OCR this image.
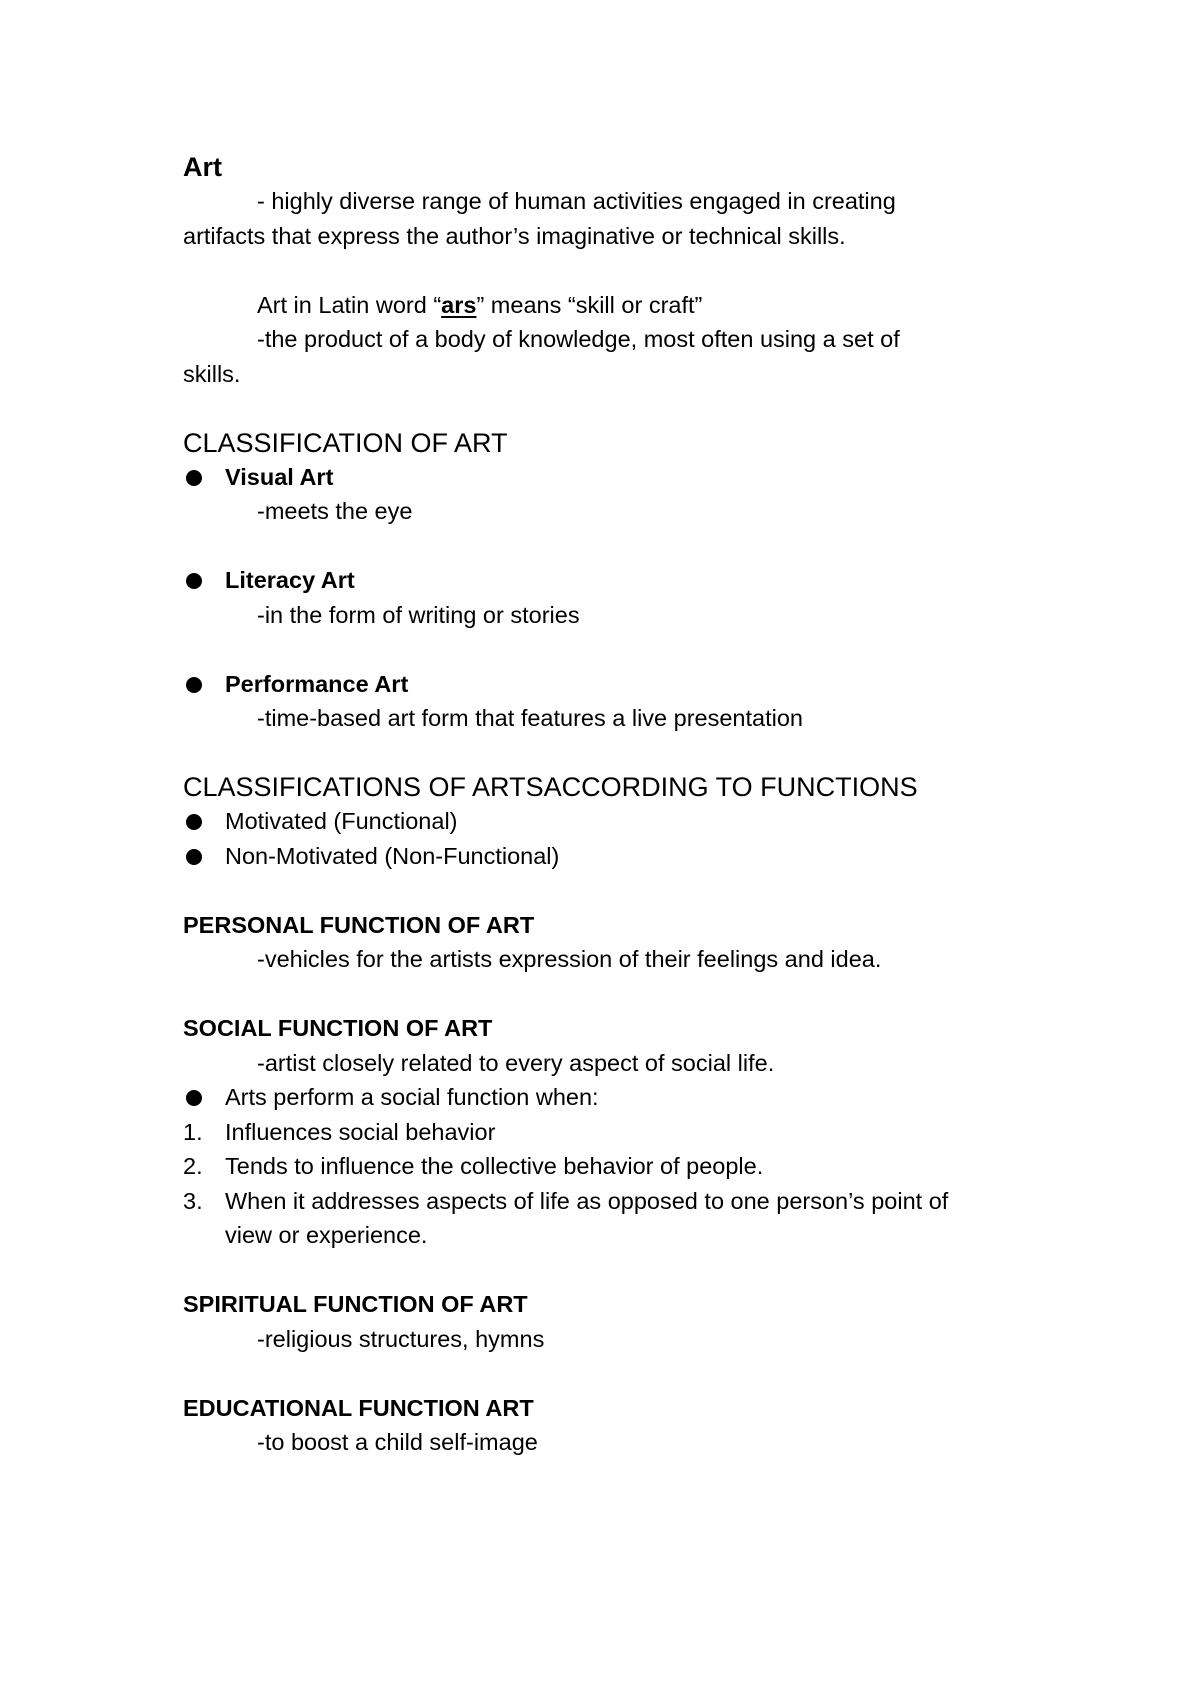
Art

- highly diverse range of human activities engaged in creating

artifacts that express the author’s imaginative or technical skills.

Art in Latin word “ars” means “skill or craft”

-the product of a body of knowledge, most often using a set of

skills.

CLASSIFICATION OF ART

Visual Art

-meets the eye

Literacy Art

-in the form of writing or stories

Performance Art

-time-based art form that features a live presentation

CLASSIFICATIONS OF ARTSACCORDING TO FUNCTIONS

Motivated (Functional)
Non-Motivated (Non-Functional)

PERSONAL FUNCTION OF ART

-vehicles for the artists expression of their feelings and idea.

SOCIAL FUNCTION OF ART

-artist closely related to every aspect of social life.

Arts perform a social function when:
1. Influences social behavior
2. Tends to influence the collective behavior of people.
3. When it addresses aspects of life as opposed to one person’s point of
view or experience.

SPIRITUAL FUNCTION OF ART

-religious structures, hymns

EDUCATIONAL FUNCTION ART

-to boost a child self-image
